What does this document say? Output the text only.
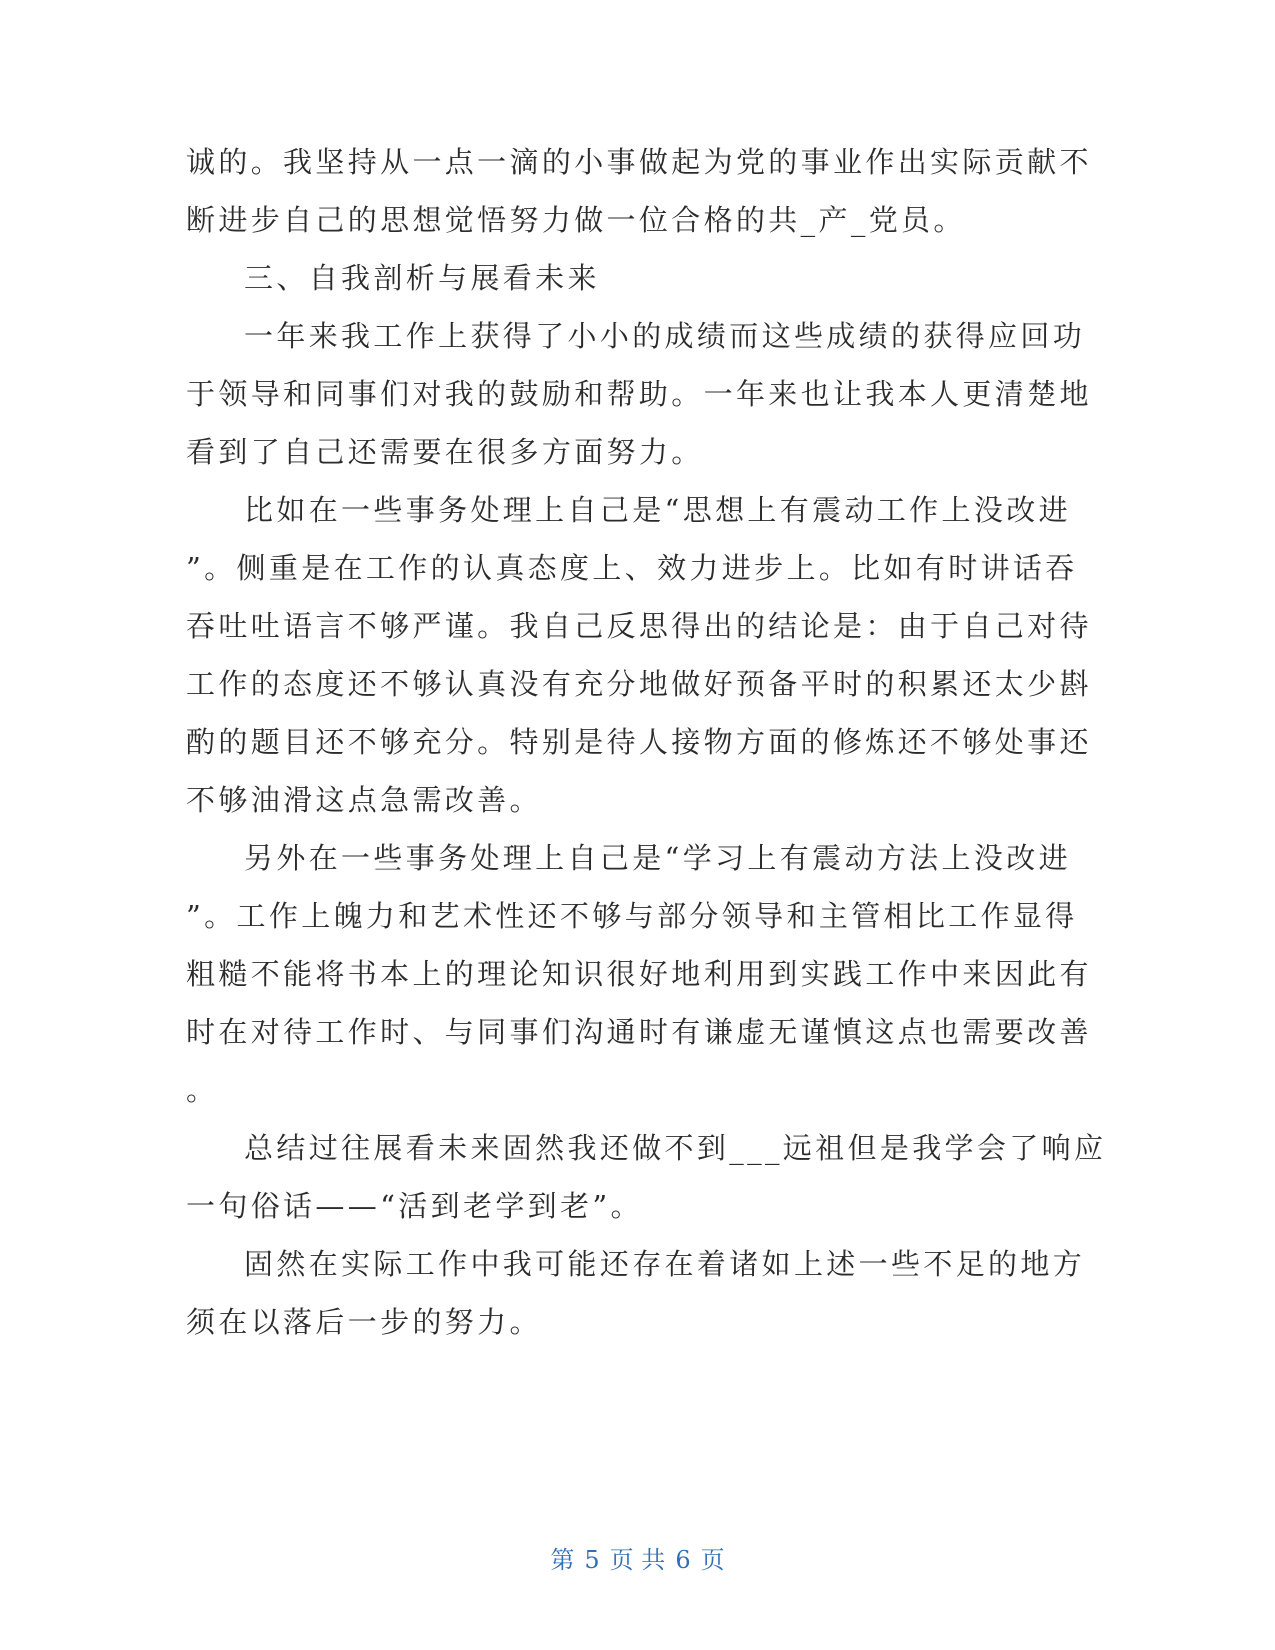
诚的。我坚持从一点一滴的小事做起为党的事业作出实际贡献不
断进步自己的思想觉悟努力做一位合格的共_产_党员。
三、自我剖析与展看未来
一年来我工作上获得了小小的成绩而这些成绩的获得应回功
于领导和同事们对我的鼓励和帮助。一年来也让我本人更清楚地
看到了自己还需要在很多方面努力。
比如在一些事务处理上自己是“思想上有震动工作上没改进
”。侧重是在工作的认真态度上、效力进步上。比如有时讲话吞
吞吐吐语言不够严谨。我自己反思得出的结论是：由于自己对待
工作的态度还不够认真没有充分地做好预备平时的积累还太少斟
酌的题目还不够充分。特别是待人接物方面的修炼还不够处事还
不够油滑这点急需改善。
另外在一些事务处理上自己是“学习上有震动方法上没改进
”。工作上魄力和艺术性还不够与部分领导和主管相比工作显得
粗糙不能将书本上的理论知识很好地利用到实践工作中来因此有
时在对待工作时、与同事们沟通时有谦虚无谨慎这点也需要改善
。
总结过往展看未来固然我还做不到___远祖但是我学会了响应
一句俗话——“活到老学到老”。
固然在实际工作中我可能还存在着诸如上述一些不足的地方
须在以落后一步的努力。
第 5 页 共 6 页
